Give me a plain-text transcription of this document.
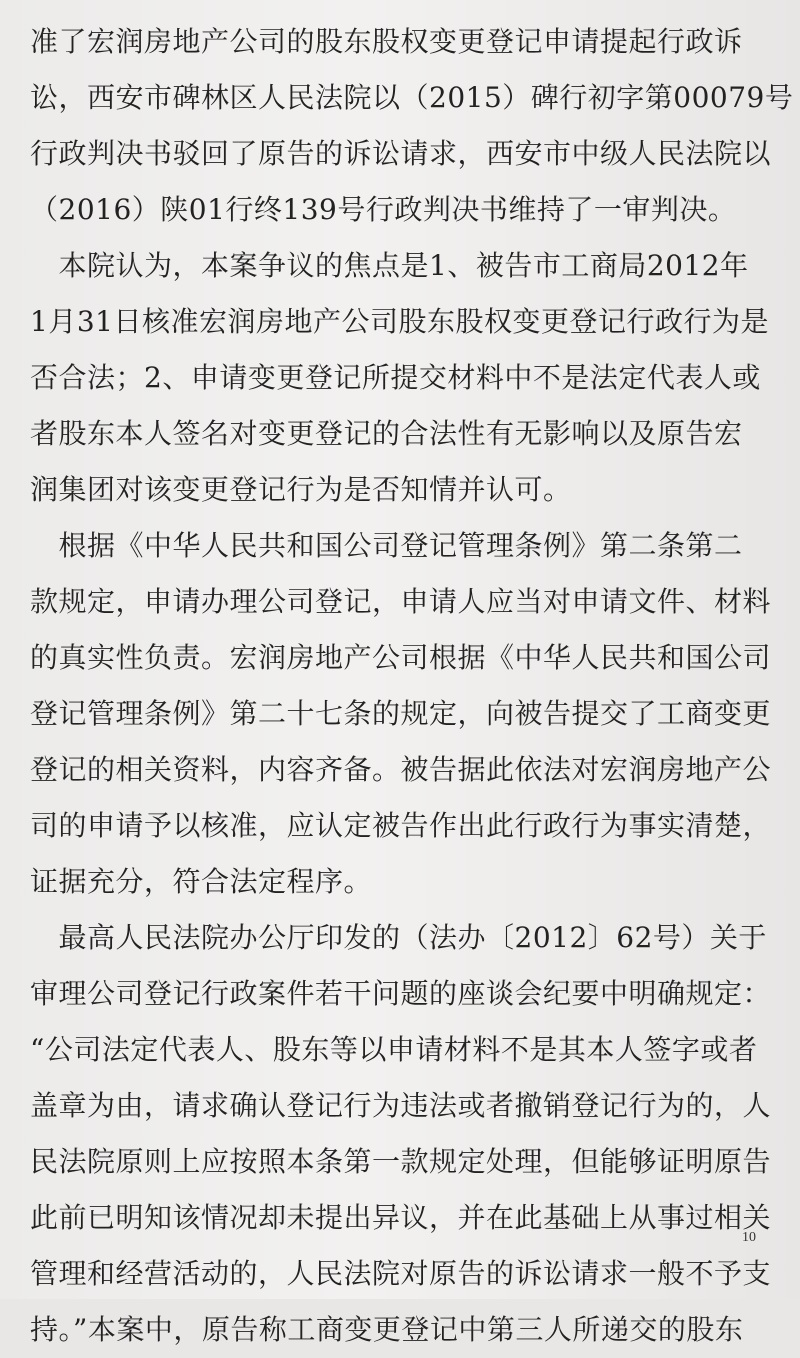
准了宏润房地产公司的股东股权变更登记申请提起行政诉
讼，西安市碑林区人民法院以（2015）碑行初字第00079号
行政判决书驳回了原告的诉讼请求，西安市中级人民法院以
（2016）陕01行终139号行政判决书维持了一审判决。
　本院认为，本案争议的焦点是1、被告市工商局2012年
1月31日核准宏润房地产公司股东股权变更登记行政行为是
否合法；2、申请变更登记所提交材料中不是法定代表人或
者股东本人签名对变更登记的合法性有无影响以及原告宏
润集团对该变更登记行为是否知情并认可。
　根据《中华人民共和国公司登记管理条例》第二条第二
款规定，申请办理公司登记，申请人应当对申请文件、材料
的真实性负责。宏润房地产公司根据《中华人民共和国公司
登记管理条例》第二十七条的规定，向被告提交了工商变更
登记的相关资料，内容齐备。被告据此依法对宏润房地产公
司的申请予以核准，应认定被告作出此行政行为事实清楚，
证据充分，符合法定程序。
　最高人民法院办公厅印发的（法办〔2012〕62号）关于
审理公司登记行政案件若干问题的座谈会纪要中明确规定：
“公司法定代表人、股东等以申请材料不是其本人签字或者
盖章为由，请求确认登记行为违法或者撤销登记行为的，人
民法院原则上应按照本条第一款规定处理，但能够证明原告
此前已明知该情况却未提出异议，并在此基础上从事过相关
管理和经营活动的，人民法院对原告的诉讼请求一般不予支
持。”本案中，原告称工商变更登记中第三人所递交的股东
10
